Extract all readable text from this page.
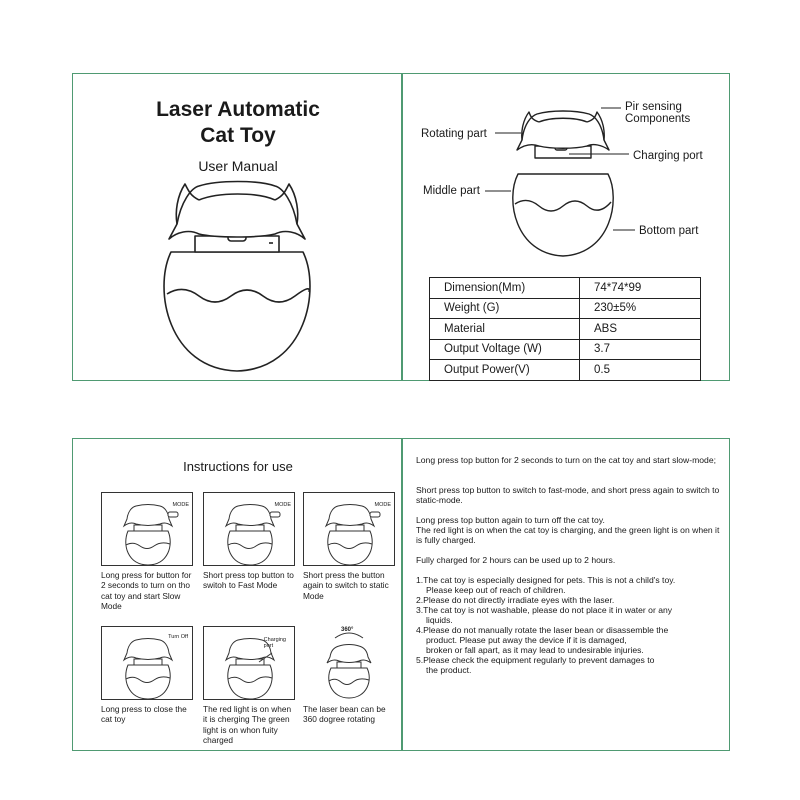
Laser Automatic
Cat Toy
User Manual
Pir sensing
Components
Rotating part
Charging port
Middle part
Bottom part
Dimension(Mm)	74*74*99
Weight (G)	230±5%
Material	ABS
Output Voltage (W)	3.7
Output Power(V)	0.5
Instructions for use
MODE
Long press for button for 2 seconds to turn on tho cat toy and start Slow Mode
MODE
Short press top button to switoh to Fast Mode
MODE
Short press the button again to switch to static Mode
Turn Off
Long press to close the cat toy
Charging
port
The red light is on when it is cherging The green light is on whon fuity charged
360°
The laser bean can be 360 dogree rotating

Long press top button for 2 seconds to turn on the cat toy and start slow-mode;

Short press top button to switch to fast-mode, and short press again to switch to static-mode.

Long press top button again to turn off the cat toy.

The red light is on when the cat toy is charging, and the green light is on when it is fully charged.

Fully charged for 2 hours can be used up to 2 hours.

1.The cat toy is especially designed for pets. This is not a child's toy.

Please keep out of reach of children.

2.Please do not directly irradiate eyes with the laser.

3.The cat toy is not washable, please do not place it in water or any

liquids.

4.Please do not manually rotate the laser bean or disassemble the

product. Please put away the device if it is damaged,

broken or fall apart, as it may lead to undesirable injuries.

5.Please check the equipment regularly to prevent damages to

the product.
